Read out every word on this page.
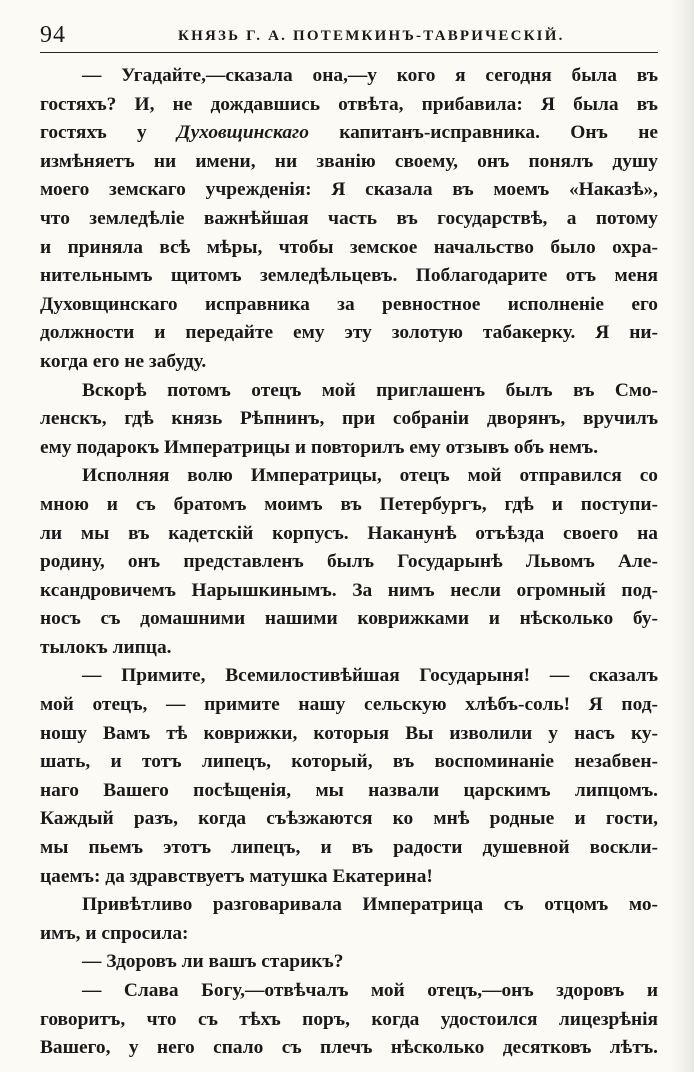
94	КНЯЗЬ Г. А. ПОТЕМКИНЪ-ТАВРИЧЕСКІЙ.
— Угадайте,—сказала она,—у кого я сегодня была въ
гостяхъ? И, не дождавшись отвѣта, прибавила: Я была въ
гостяхъ у Духовщинскаго капитанъ-исправника. Онъ не
измѣняетъ ни имени, ни званію своему, онъ понялъ душу
моего земскаго учрежденія: Я сказала въ моемъ «Наказѣ»,
что земледѣліе важнѣйшая часть въ государствѣ, а потому
и приняла всѣ мѣры, чтобы земское начальство было охра-
нительнымъ щитомъ земледѣльцевъ. Поблагодарите отъ меня
Духовщинскаго исправника за ревностное исполненіе его
должности и передайте ему эту золотую табакерку. Я ни-
когда его не забуду.
Вскорѣ потомъ отецъ мой приглашенъ былъ въ Смо-
ленскъ, гдѣ князь Рѣпнинъ, при собраніи дворянъ, вручилъ
ему подарокъ Императрицы и повторилъ ему отзывъ объ немъ.
Исполняя волю Императрицы, отецъ мой отправился со
мною и съ братомъ моимъ въ Петербургъ, гдѣ и поступи-
ли мы въ кадетскій корпусъ. Наканунѣ отъѣзда своего на
родину, онъ представленъ былъ Государынѣ Львомъ Але-
ксандровичемъ Нарышкинымъ. За нимъ несли огромный под-
носъ съ домашними нашими коврижками и нѣсколько бу-
тылокъ липца.
— Примите, Всемилостивѣйшая Государыня! — сказалъ
мой отецъ, — примите нашу сельскую хлѣбъ-соль! Я под-
ношу Вамъ тѣ коврижки, которыя Вы изволили у насъ ку-
шать, и тотъ липецъ, который, въ воспоминаніе незабвен-
наго Вашего посѣщенія, мы назвали царскимъ липцомъ.
Каждый разъ, когда съѣзжаются ко мнѣ родные и гости,
мы пьемъ этотъ липецъ, и въ радости душевной воскли-
цаемъ: да здравствуетъ матушка Екатерина!
Привѣтливо разговаривала Императрица съ отцомъ мо-
имъ, и спросила:
— Здоровъ ли вашъ старикъ?
— Слава Богу,—отвѣчалъ мой отецъ,—онъ здоровъ и
говоритъ, что съ тѣхъ поръ, когда удостоился лицезрѣнія
Вашего, у него спало съ плечъ нѣсколько десятковъ лѣтъ.
